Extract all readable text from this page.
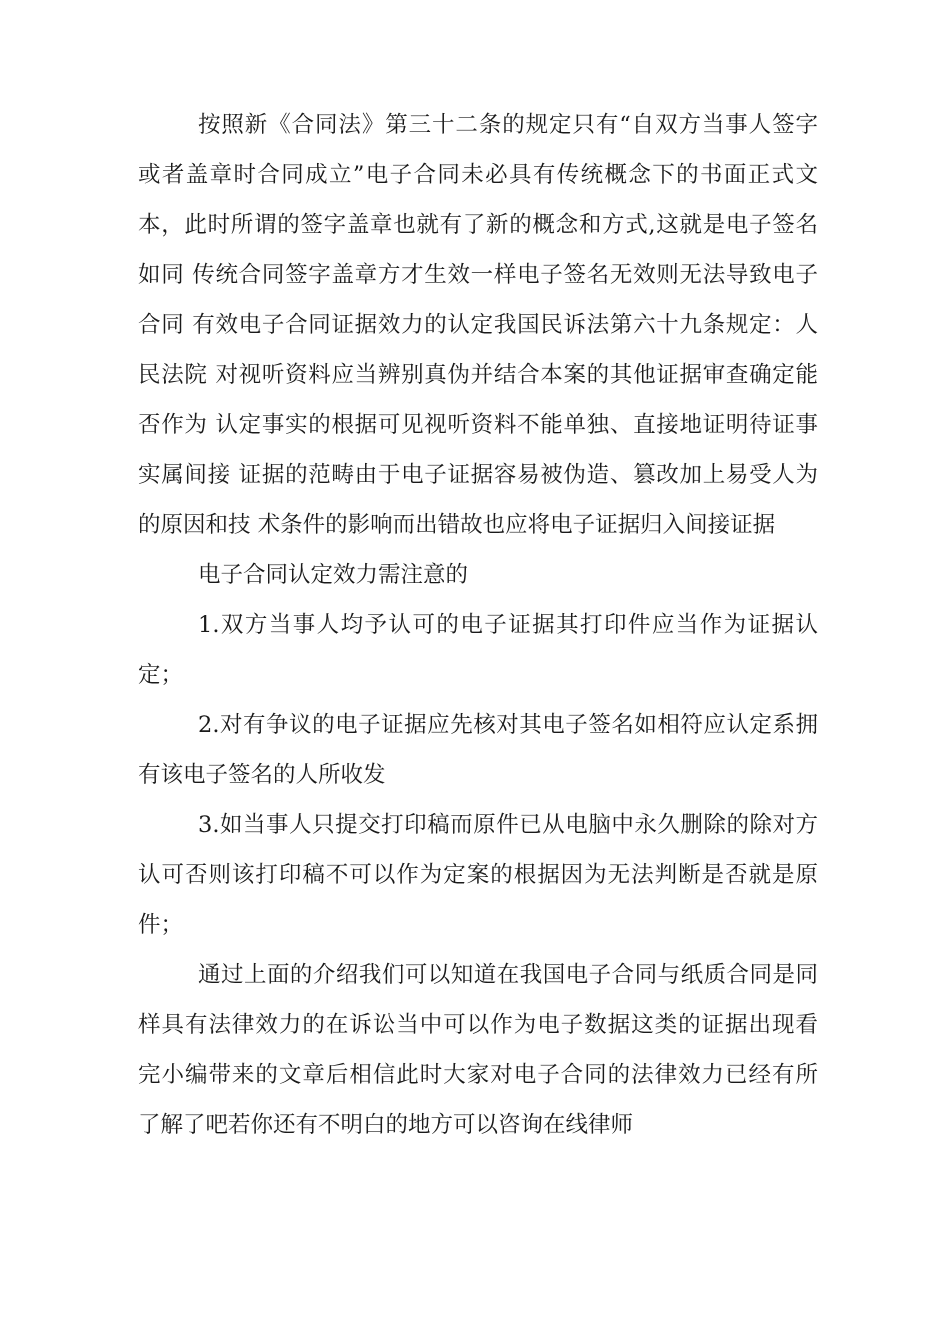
按照新《合同法》第三十二条的规定只有“自双方当事人签字
或者盖章时合同成立”电子合同未必具有传统概念下的书面正式文
本，此时所谓的签字盖章也就有了新的概念和方式,这就是电子签名
如同 传统合同签字盖章方才生效一样电子签名无效则无法导致电子
合同 有效电子合同证据效力的认定我国民诉法第六十九条规定：人
民法院 对视听资料应当辨别真伪并结合本案的其他证据审查确定能
否作为 认定事实的根据可见视听资料不能单独、直接地证明待证事
实属间接 证据的范畴由于电子证据容易被伪造、篡改加上易受人为
的原因和技 术条件的影响而出错故也应将电子证据归入间接证据
电子合同认定效力需注意的
1.双方当事人均予认可的电子证据其打印件应当作为证据认
定；
2.对有争议的电子证据应先核对其电子签名如相符应认定系拥
有该电子签名的人所收发
3.如当事人只提交打印稿而原件已从电脑中永久删除的除对方
认可否则该打印稿不可以作为定案的根据因为无法判断是否就是原
件；
通过上面的介绍我们可以知道在我国电子合同与纸质合同是同
样具有法律效力的在诉讼当中可以作为电子数据这类的证据出现看
完小编带来的文章后相信此时大家对电子合同的法律效力已经有所
了解了吧若你还有不明白的地方可以咨询在线律师
